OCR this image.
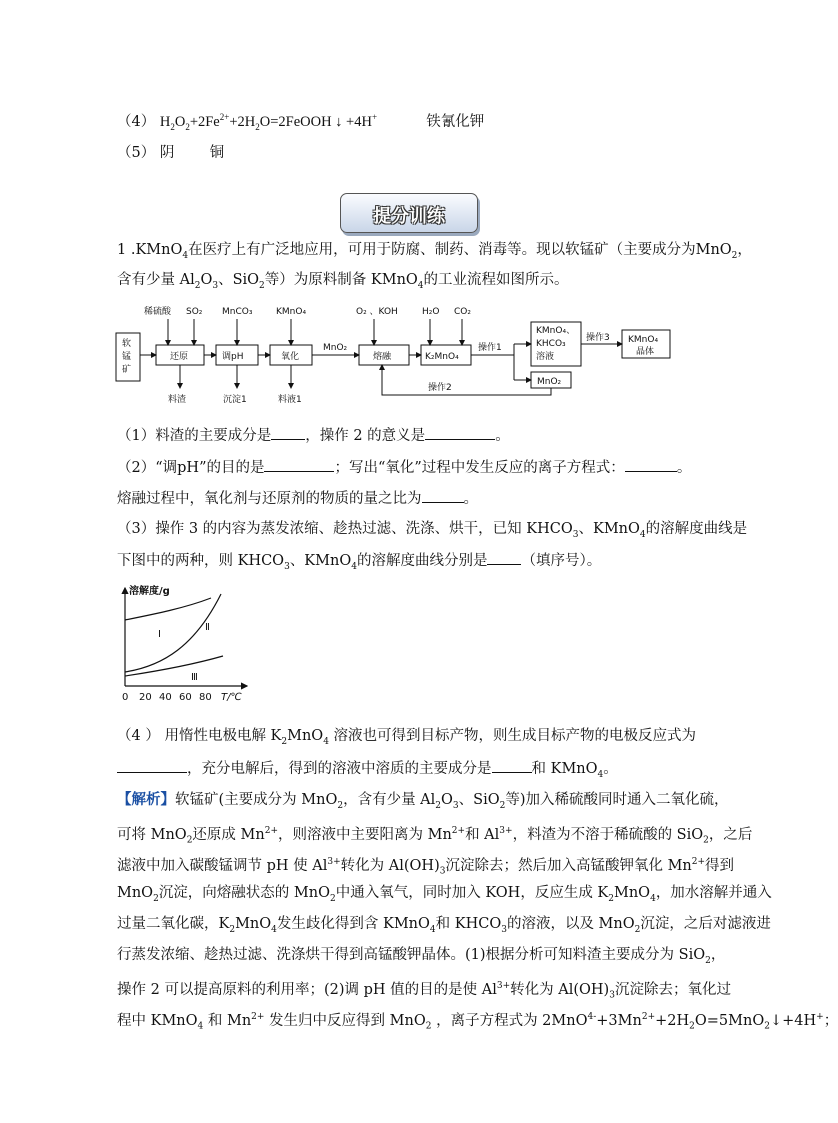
（4） $H_2O_2+2Fe^{2+}+2H_2O=2FeOOH$ ↓ +4H+	铁氰化钾
（5） 阴 铜
提分训练
1 .KMnO$_4$在医疗上有广泛地应用，可用于防腐、制药、消毒等。现以软锰矿（主要成分为MnO$_2$，
含有少量 $Al_2O_3$、SiO$_2$等）为原料制备 KMnO$_4$的工业流程如图所示。
软
锰
矿
还原	调pH	氧化	熔融	K₂MnO₄
稀硫酸 SO₂ MnCO₃	KMnO₄	O₂ 、KOH	H₂O CO₂
料渣	沉淀1	料液1
MnO₂	操作1
操作2
操作3
KMnO₄、
KHCO₃
溶液
MnO₂
KMnO₄
晶体
（1）料渣的主要成分是 ，操作 2 的意义是	。
（2）“调pH”的目的是	；写出“氧化”过程中发生反应的离子方程式：	。
熔融过程中，氧化剂与还原剂的物质的量之比为	。
（3）操作 3 的内容为蒸发浓缩、趁热过滤、洗涤、烘干，已知 $KHCO_3$、KMnO$_4$的溶解度曲线是
下图中的两种，则 $KHCO_3$、KMnO$_4$的溶解度曲线分别是 （填序号）。
溶解度/g
Ⅰ
Ⅱ
Ⅲ
0 20 40 60 80 T/℃
（4 ） 用惰性电极电解 $K_2MnO_4$ 溶液也可得到目标产物，则生成目标产物的电极反应式为
，充分电解后，得到的溶液中溶质的主要成分是	和 KMnO$_4$。
【解析】软锰矿(主要成分为 MnO$_2$，含有少量 $Al_2O_3$、SiO$_2$等)加入稀硫酸同时通入二氧化硫，
可将 MnO$_2$还原成 $Mn^{2+}$，则溶液中主要阳离为 $Mn^{2+}$和 $Al^{3+}$，料渣为不溶于稀硫酸的 SiO$_2$，之后
滤液中加入碳酸锰调节 pH 使 $Al^{3+}$转化为 $Al(OH)_3$沉淀除去；然后加入高锰酸钾氧化 $Mn^{2+}$得到
MnO$_2$沉淀，向熔融状态的 MnO$_2$中通入氧气，同时加入 KOH，反应生成 $K_2MnO_4$，加水溶解并通入
过量二氧化碳，$K_2MnO_4$发生歧化得到含 KMnO$_4$和 $KHCO_3$的溶液，以及 MnO$_2$沉淀，之后对滤液进
行蒸发浓缩、趁热过滤、洗涤烘干得到高锰酸钾晶体。(1)根据分析可知料渣主要成分为 SiO$_2$，
操作 2 可以提高原料的利用率；(2)调 pH 值的目的是使 $Al^{3+}$转化为 $Al(OH)_3$沉淀除去；氧化过
程中 KMnO$_4$ 和 $Mn^{2+}$ 发生归中反应得到 MnO$_2$ ，离子方程式为 $2MnO^{4-}+3Mn^{2+}+2H_2O=5MnO_2↓+4H^+$；
